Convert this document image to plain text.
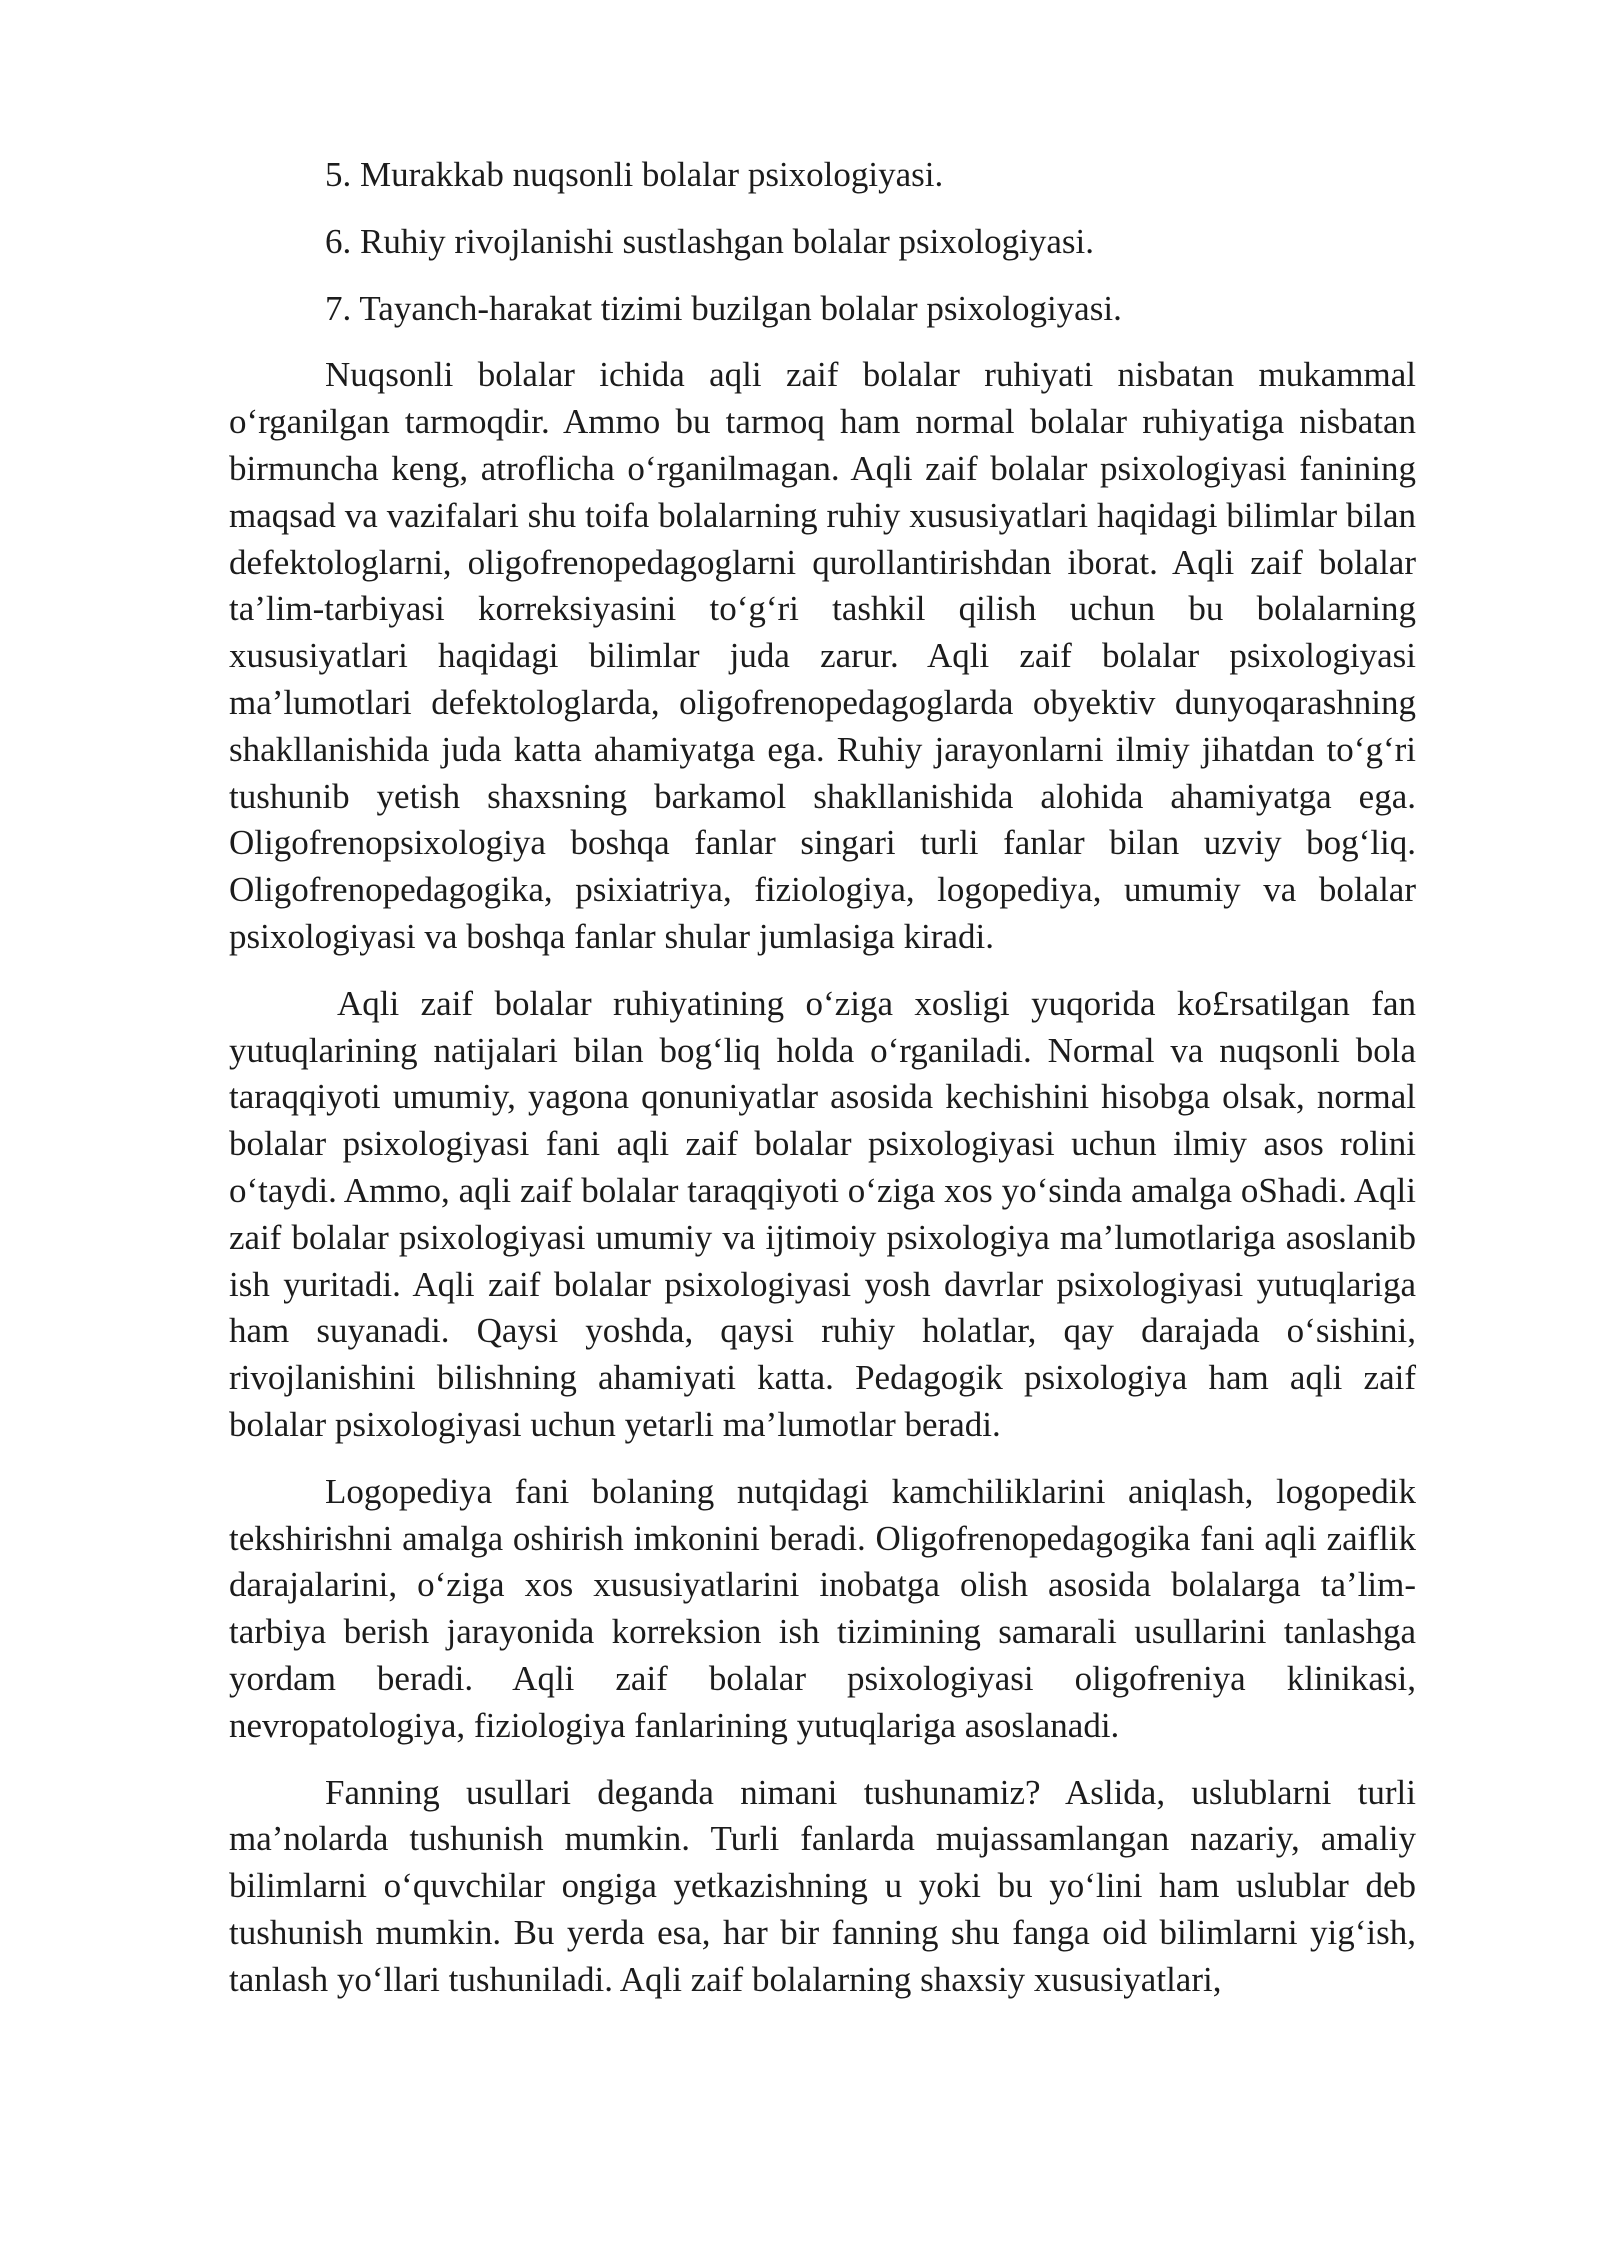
5. Murakkab nuqsonli bolalar psixologiyasi.
6. Ruhiy rivojlanishi sustlashgan bolalar psixologiyasi.
7. Tayanch-harakat tizimi buzilgan bolalar psixologiyasi.

Nuqsonli bolalar ichida aqli zaif bolalar ruhiyati nisbatan mukammal o‘rganilgan tarmoqdir. Ammo bu tarmoq ham normal bolalar ruhiyatiga nisbatan birmuncha keng, atroflicha o‘rganilmagan. Aqli zaif bolalar psixologiyasi fanining maqsad va vazifalari shu toifa bolalarning ruhiy xususiyatlari haqidagi bilimlar bilan defektologlarni, oligofrenopedagoglarni qurollantirishdan iborat. Aqli zaif bolalar ta’lim-tarbiyasi korreksiyasini to‘g‘ri tashkil qilish uchun bu bolalarning xususiyatlari haqidagi bilimlar juda zarur. Aqli zaif bolalar psixologiyasi ma’lumotlari defektologlarda, oligofrenopedagoglarda obyektiv dunyoqarashning shakllanishida juda katta ahamiyatga ega. Ruhiy jarayonlarni ilmiy jihatdan to‘g‘ri tushunib yetish shaxsning barkamol shakllanishida alohida ahamiyatga ega. Oligofrenopsixologiya boshqa fanlar singari turli fanlar bilan uzviy bog‘liq. Oligofrenopedagogika, psixiatriya, fiziologiya, logopediya, umumiy va bolalar psixologiyasi va boshqa fanlar shular jumlasiga kiradi.

Aqli zaif bolalar ruhiyatining o‘ziga xosligi yuqorida ko£rsatilgan fan yutuqlarining natijalari bilan bog‘liq holda o‘rganiladi. Normal va nuqsonli bola taraqqiyoti umumiy, yagona qonuniyatlar asosida kechishini hisobga olsak, normal bolalar psixologiyasi fani aqli zaif bolalar psixologiyasi uchun ilmiy asos rolini o‘taydi. Ammo, aqli zaif bolalar taraqqiyoti o‘ziga xos yo‘sinda amalga oShadi. Aqli zaif bolalar psixologiyasi umumiy va ijtimoiy psixologiya ma’lumotlariga asoslanib ish yuritadi. Aqli zaif bolalar psixologiyasi yosh davrlar psixologiyasi yutuqlariga ham suyanadi. Qaysi yoshda, qaysi ruhiy holatlar, qay darajada o‘sishini, rivojlanishini bilishning ahamiyati katta. Pedagogik psixologiya ham aqli zaif bolalar psixologiyasi uchun yetarli ma’lumotlar beradi.

Logopediya fani bolaning nutqidagi kamchiliklarini aniqlash, logopedik tekshirishni amalga oshirish imkonini beradi. Oligofrenopedagogika fani aqli zaiflik darajalarini, o‘ziga xos xususiyatlarini inobatga olish asosida bolalarga ta’lim-tarbiya berish jarayonida korreksion ish tizimining samarali usullarini tanlashga yordam beradi. Aqli zaif bolalar psixologiyasi oligofreniya klinikasi, nevropatologiya, fiziologiya fanlarining yutuqlariga asoslanadi.

Fanning usullari deganda nimani tushunamiz? Aslida, uslublarni turli ma’nolarda tushunish mumkin. Turli fanlarda mujassamlangan nazariy, amaliy bilimlarni o‘quvchilar ongiga yetkazishning u yoki bu yo‘lini ham uslublar deb tushunish mumkin. Bu yerda esa, har bir fanning shu fanga oid bilimlarni yig‘ish, tanlash yo‘llari tushuniladi. Aqli zaif bolalarning shaxsiy xususiyatlari,
